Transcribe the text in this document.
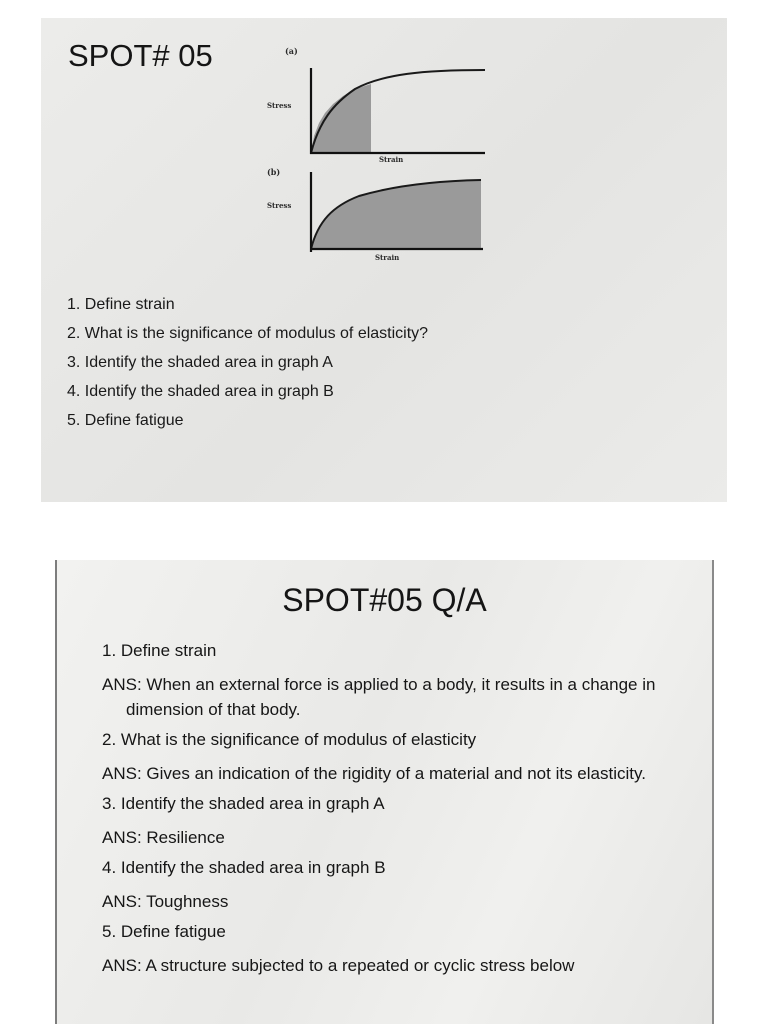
SPOT# 05	(a)
Stress
Strain
(b)
Stress
Strain
1. Define strain
2. What is the significance of modulus of elasticity?
3. Identify the shaded area in graph A
4. Identify the shaded area in graph B
5. Define fatigue
SPOT#05 Q/A
1. Define strain
ANS: When an external force is applied to a body, it results in a change in dimension of that body.
2. What is the significance of modulus of elasticity
ANS: Gives an indication of the rigidity of a material and not its elasticity.
3. Identify the shaded area in graph A
ANS: Resilience
4. Identify the shaded area in graph B
ANS: Toughness
5. Define fatigue
ANS: A structure subjected to a repeated or cyclic stress below
